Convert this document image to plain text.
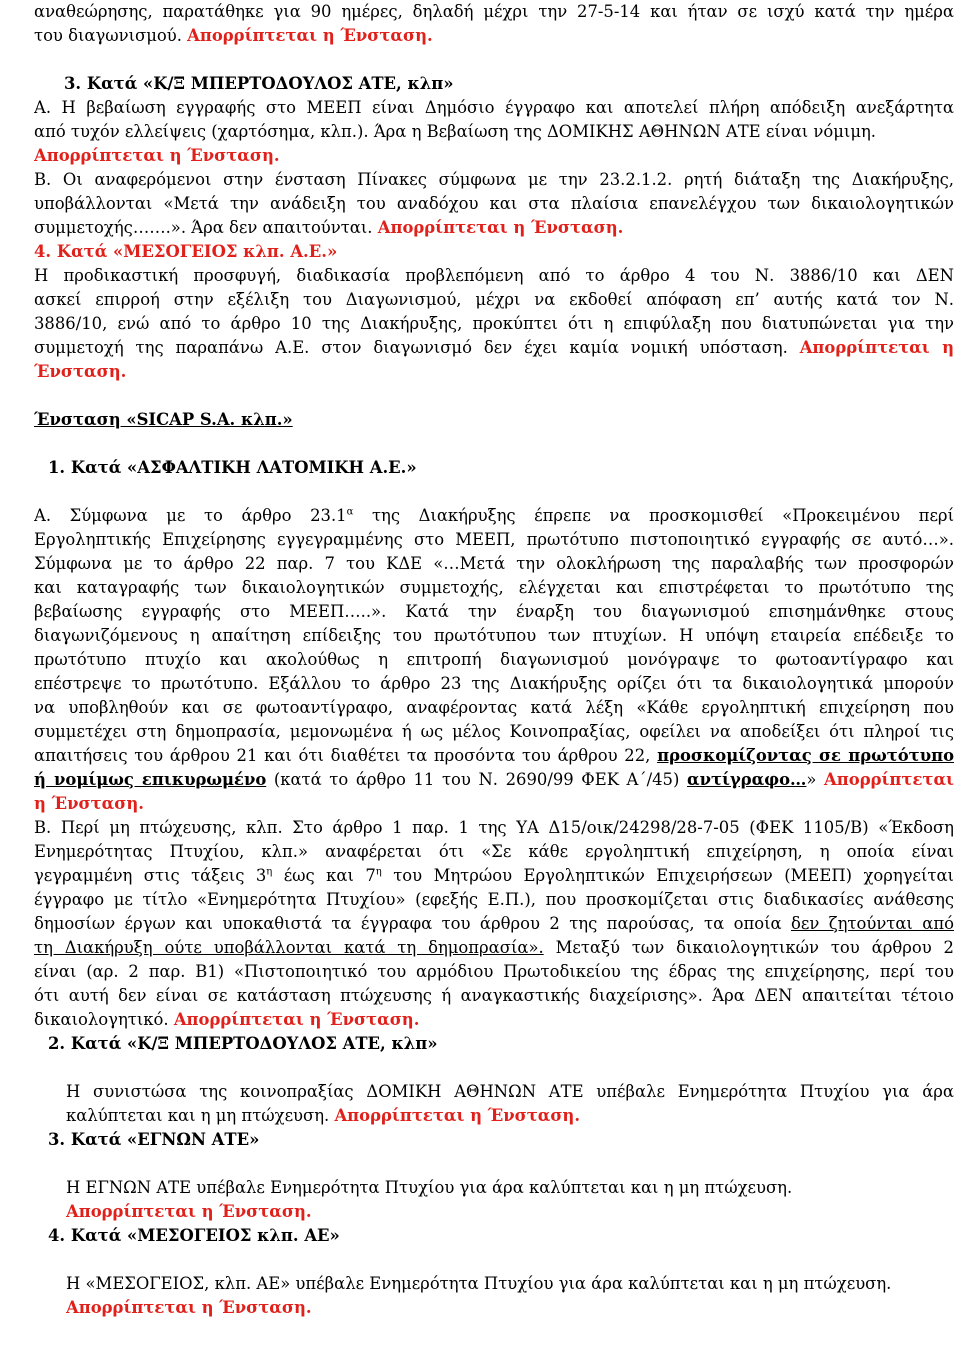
αναθεώρησης, παρατάθηκε για 90 ημέρες, δηλαδή μέχρι την 27-5-14 και ήταν σε ισχύ κατά την ημέρα
του διαγωνισμού. Απορρίπτεται η Ένσταση.
3. Κατά «Κ/Ξ ΜΠΕΡΤΟΔΟΥΛΟΣ ΑΤΕ, κλπ»
Α. Η βεβαίωση εγγραφής στο ΜΕΕΠ είναι Δημόσιο έγγραφο και αποτελεί πλήρη απόδειξη ανεξάρτητα
από τυχόν ελλείψεις (χαρτόσημα, κλπ.). Άρα η Βεβαίωση της ΔΟΜΙΚΗΣ ΑΘΗΝΩΝ ΑΤΕ είναι νόμιμη.
Απορρίπτεται η Ένσταση.
Β. Οι αναφερόμενοι στην ένσταση Πίνακες σύμφωνα με την 23.2.1.2. ρητή διάταξη της Διακήρυξης,
υποβάλλονται «Μετά την ανάδειξη του αναδόχου και στα πλαίσια επανελέγχου των δικαιολογητικών
συμμετοχής…….». Άρα δεν απαιτούνται. Απορρίπτεται η Ένσταση.
4. Κατά «ΜΕΣΟΓΕΙΟΣ κλπ. Α.Ε.»
Η προδικαστική προσφυγή, διαδικασία προβλεπόμενη από το άρθρο 4 του Ν. 3886/10 και ΔΕΝ
ασκεί επιρροή στην εξέλιξη του Διαγωνισμού, μέχρι να εκδοθεί απόφαση επ’ αυτής κατά τον Ν.
3886/10, ενώ από το άρθρο 10 της Διακήρυξης, προκύπτει ότι η επιφύλαξη που διατυπώνεται για την
συμμετοχή της παραπάνω Α.Ε. στον διαγωνισμό δεν έχει καμία νομική υπόσταση. Απορρίπτεται η
Ένσταση.
Ένσταση «SICAP S.A. κλπ.»
1. Κατά «ΑΣΦΑΛΤΙΚΗ ΛΑΤΟΜΙΚΗ Α.Ε.»
Α. Σύμφωνα με το άρθρο $23.1^\alpha$ της Διακήρυξης έπρεπε να προσκομισθεί «Προκειμένου περί
Εργοληπτικής Επιχείρησης εγγεγραμμένης στο ΜΕΕΠ, πρωτότυπο πιστοποιητικό εγγραφής σε αυτό…».
Σύμφωνα με το άρθρο 22 παρ. 7 του ΚΔΕ «…Μετά την ολοκλήρωση της παραλαβής των προσφορών
και καταγραφής των δικαιολογητικών συμμετοχής, ελέγχεται και επιστρέφεται το πρωτότυπο της
βεβαίωσης εγγραφής στο ΜΕΕΠ…..». Κατά την έναρξη του διαγωνισμού επισημάνθηκε στους
διαγωνιζόμενους η απαίτηση επίδειξης του πρωτότυπου των πτυχίων. Η υπόψη εταιρεία επέδειξε το
πρωτότυπο πτυχίο και ακολούθως η επιτροπή διαγωνισμού μονόγραψε το φωτοαντίγραφο και
επέστρεψε το πρωτότυπο. Εξάλλου το άρθρο 23 της Διακήρυξης ορίζει ότι τα δικαιολογητικά μπορούν
να υποβληθούν και σε φωτοαντίγραφο, αναφέροντας κατά λέξη «Κάθε εργοληπτική επιχείρηση που
συμμετέχει στη δημοπρασία, μεμονωμένα ή ως μέλος Κοινοπραξίας, οφείλει να αποδείξει ότι πληροί τις
απαιτήσεις του άρθρου 21 και ότι διαθέτει τα προσόντα του άρθρου 22, προσκομίζοντας σε πρωτότυπο
ή νομίμως επικυρωμένο (κατά το άρθρο 11 του Ν. 2690/99 ΦΕΚ Α΄/45) αντίγραφο…» Απορρίπτεται
η Ένσταση.
Β. Περί μη πτώχευσης, κλπ. Στο άρθρο 1 παρ. 1 της ΥΑ Δ15/οικ/24298/28-7-05 (ΦΕΚ 1105/Β) «Έκδοση
Ενημερότητας Πτυχίου, κλπ.» αναφέρεται ότι «Σε κάθε εργοληπτική επιχείρηση, η οποία είναι
γεγραμμένη στις τάξεις $3^\eta$ έως και $7^\eta$ του Μητρώου Εργοληπτικών Επιχειρήσεων (ΜΕΕΠ) χορηγείται
έγγραφο με τίτλο «Ενημερότητα Πτυχίου» (εφεξής Ε.Π.), που προσκομίζεται στις διαδικασίες ανάθεσης
δημοσίων έργων και υποκαθιστά τα έγγραφα του άρθρου 2 της παρούσας, τα οποία δεν ζητούνται από
τη Διακήρυξη ούτε υποβάλλονται κατά τη δημοπρασία». Μεταξύ των δικαιολογητικών του άρθρου 2
είναι (αρ. 2 παρ. Β1) «Πιστοποιητικό του αρμόδιου Πρωτοδικείου της έδρας της επιχείρησης, περί του
ότι αυτή δεν είναι σε κατάσταση πτώχευσης ή αναγκαστικής διαχείρισης». Άρα ΔΕΝ απαιτείται τέτοιο
δικαιολογητικό. Απορρίπτεται η Ένσταση.
2. Κατά «Κ/Ξ ΜΠΕΡΤΟΔΟΥΛΟΣ ΑΤΕ, κλπ»
Η συνιστώσα της κοινοπραξίας ΔΟΜΙΚΗ ΑΘΗΝΩΝ ΑΤΕ υπέβαλε Ενημερότητα Πτυχίου για άρα
καλύπτεται και η μη πτώχευση. Απορρίπτεται η Ένσταση.
3. Κατά «ΕΓΝΩΝ ΑΤΕ»
Η ΕΓΝΩΝ ΑΤΕ υπέβαλε Ενημερότητα Πτυχίου για άρα καλύπτεται και η μη πτώχευση.
Απορρίπτεται η Ένσταση.
4. Κατά «ΜΕΣΟΓΕΙΟΣ κλπ. ΑΕ»
Η «ΜΕΣΟΓΕΙΟΣ, κλπ. ΑΕ» υπέβαλε Ενημερότητα Πτυχίου για άρα καλύπτεται και η μη πτώχευση.
Απορρίπτεται η Ένσταση.
